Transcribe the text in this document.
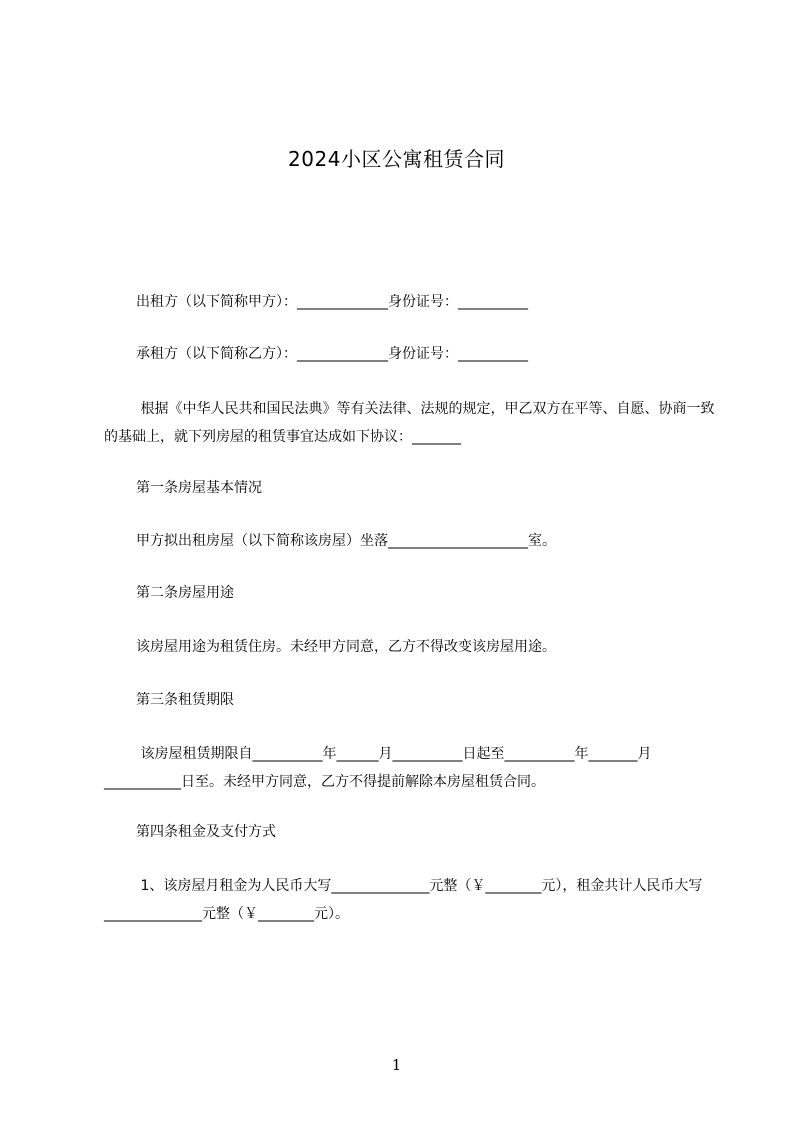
2024小区公寓租赁合同

出租方（以下简称甲方）：_____________身份证号：__________

承租方（以下简称乙方）：_____________身份证号：__________

根据《中华人民共和国民法典》等有关法律、法规的规定，甲乙双方在平等、自愿、协商一致的基础上，就下列房屋的租赁事宜达成如下协议：_______

第一条房屋基本情况

甲方拟出租房屋（以下简称该房屋）坐落____________________室。

第二条房屋用途

该房屋用途为租赁住房。未经甲方同意，乙方不得改变该房屋用途。

第三条租赁期限

该房屋租赁期限自__________年______月__________日起至__________年_______月___________日至。未经甲方同意，乙方不得提前解除本房屋租赁合同。

第四条租金及支付方式

1、该房屋月租金为人民币大写______________元整（￥________元），租金共计人民币大写______________元整（￥________元）。

1
